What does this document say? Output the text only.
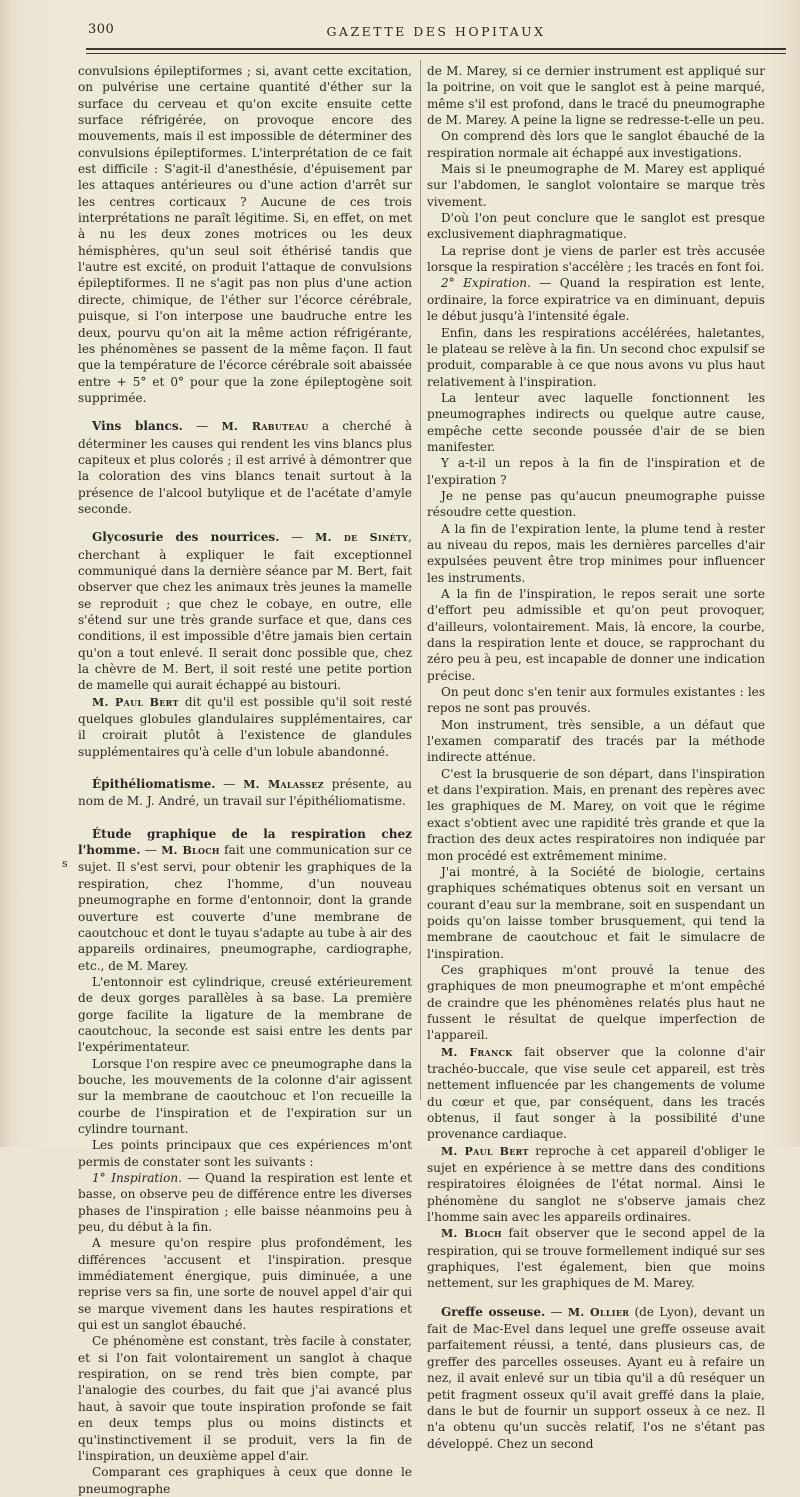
300	GAZETTE DES HOPITAUX
s

convulsions épileptiformes ; si, avant cette excitation, on pulvérise une certaine quantité d'éther sur la surface du cerveau et qu'on excite ensuite cette surface réfrigérée, on provoque encore des mouvements, mais il est impossible de déterminer des convulsions épileptiformes. L'interprétation de ce fait est difficile : S'agit-il d'anesthésie, d'épuisement par les attaques antérieures ou d'une action d'arrêt sur les centres corticaux ? Aucune de ces trois interprétations ne paraît légitime. Si, en effet, on met à nu les deux zones motrices ou les deux hémisphères, qu'un seul soit éthérisé tandis que l'autre est excité, on produit l'attaque de convulsions épileptiformes. Il ne s'agit pas non plus d'une action directe, chimique, de l'éther sur l'écorce cérébrale, puisque, si l'on interpose une baudruche entre les deux, pourvu qu'on ait la même action réfrigérante, les phénomènes se passent de la même façon. Il faut que la température de l'écorce cérébrale soit abaissée entre + 5° et 0° pour que la zone épileptogène soit supprimée.

Vins blancs. — M. Rabuteau a cherché à déterminer les causes qui rendent les vins blancs plus capiteux et plus colorés ; il est arrivé à démontrer que la coloration des vins blancs tenait surtout à la présence de l'alcool butylique et de l'acétate d'amyle seconde.

Glycosurie des nourrices. — M. de Sinéty, cherchant à expliquer le fait exceptionnel communiqué dans la dernière séance par M. Bert, fait observer que chez les animaux très jeunes la mamelle se reproduit ; que chez le cobaye, en outre, elle s'étend sur une très grande surface et que, dans ces conditions, il est impossible d'être jamais bien certain qu'on a tout enlevé. Il serait donc possible que, chez la chèvre de M. Bert, il soit resté une petite portion de mamelle qui aurait échappé au bistouri.

M. Paul Bert dit qu'il est possible qu'il soit resté quelques globules glandulaires supplémentaires, car il croirait plutôt à l'existence de glandules supplémentaires qu'à celle d'un lobule abandonné.

Épithéliomatisme. — M. Malassez présente, au nom de M. J. André, un travail sur l'épithéliomatisme.

Étude graphique de la respiration chez l'homme. — M. Bloch fait une communication sur ce sujet. Il s'est servi, pour obtenir les graphiques de la respiration, chez l'homme, d'un nouveau pneumographe en forme d'entonnoir, dont la grande ouverture est couverte d'une membrane de caoutchouc et dont le tuyau s'adapte au tube à air des appareils ordinaires, pneumographe, cardiographe, etc., de M. Marey.

L'entonnoir est cylindrique, creusé extérieurement de deux gorges parallèles à sa base. La première gorge facilite la ligature de la membrane de caoutchouc, la seconde est saisi entre les dents par l'expérimentateur.

Lorsque l'on respire avec ce pneumographe dans la bouche, les mouvements de la colonne d'air agissent sur la membrane de caoutchouc et l'on recueille la courbe de l'inspiration et de l'expiration sur un cylindre tournant.

Les points principaux que ces expériences m'ont permis de constater sont les suivants :

1° Inspiration. — Quand la respiration est lente et basse, on observe peu de différence entre les diverses phases de l'inspiration ; elle baisse néanmoins peu à peu, du début à la fin.

A mesure qu'on respire plus profondément, les différences 'accusent et l'inspiration. presque immédiatement énergique, puis diminuée, a une reprise vers sa fin, une sorte de nouvel appel d'air qui se marque vivement dans les hautes respirations et qui est un sanglot ébauché.

Ce phénomène est constant, très facile à constater, et si l'on fait volontairement un sanglot à chaque respiration, on se rend très bien compte, par l'analogie des courbes, du fait que j'ai avancé plus haut, à savoir que toute inspiration profonde se fait en deux temps plus ou moins distincts et qu'instinctivement il se produit, vers la fin de l'inspiration, un deuxième appel d'air.

Comparant ces graphiques à ceux que donne le pneumographe

de M. Marey, si ce dernier instrument est appliqué sur la poitrine, on voit que le sanglot est à peine marqué, même s'il est profond, dans le tracé du pneumographe de M. Marey. A peine la ligne se redresse-t-elle un peu.

On comprend dès lors que le sanglot ébauché de la respiration normale ait échappé aux investigations.

Mais si le pneumographe de M. Marey est appliqué sur l'abdomen, le sanglot volontaire se marque très vivement.

D'où l'on peut conclure que le sanglot est presque exclusivement diaphragmatique.

La reprise dont je viens de parler est très accusée lorsque la respiration s'accélère ; les tracés en font foi.

2° Expiration. — Quand la respiration est lente, ordinaire, la force expiratrice va en diminuant, depuis le début jusqu'à l'intensité égale.

Enfin, dans les respirations accélérées, haletantes, le plateau se relève à la fin. Un second choc expulsif se produit, comparable à ce que nous avons vu plus haut relativement à l'inspiration.

La lenteur avec laquelle fonctionnent les pneumographes indirects ou quelque autre cause, empêche cette seconde poussée d'air de se bien manifester.

Y a-t-il un repos à la fin de l'inspiration et de l'expiration ?

Je ne pense pas qu'aucun pneumographe puisse résoudre cette question.

A la fin de l'expiration lente, la plume tend à rester au niveau du repos, mais les dernières parcelles d'air expulsées peuvent être trop minimes pour influencer les instruments.

A la fin de l'inspiration, le repos serait une sorte d'effort peu admissible et qu'on peut provoquer, d'ailleurs, volontairement. Mais, là encore, la courbe, dans la respiration lente et douce, se rapprochant du zéro peu à peu, est incapable de donner une indication précise.

On peut donc s'en tenir aux formules existantes : les repos ne sont pas prouvés.

Mon instrument, très sensible, a un défaut que l'examen comparatif des tracés par la méthode indirecte atténue.

C'est la brusquerie de son départ, dans l'inspiration et dans l'expiration. Mais, en prenant des repères avec les graphiques de M. Marey, on voit que le régime exact s'obtient avec une rapidité très grande et que la fraction des deux actes respiratoires non indiquée par mon procédé est extrêmement minime.

J'ai montré, à la Société de biologie, certains graphiques schématiques obtenus soit en versant un courant d'eau sur la membrane, soit en suspendant un poids qu'on laisse tomber brusquement, qui tend la membrane de caoutchouc et fait le simulacre de l'inspiration.

Ces graphiques m'ont prouvé la tenue des graphiques de mon pneumographe et m'ont empêché de craindre que les phénomènes relatés plus haut ne fussent le résultat de quelque imperfection de l'appareil.

M. Franck fait observer que la colonne d'air trachéo-buccale, que vise seule cet appareil, est très nettement influencée par les changements de volume du cœur et que, par conséquent, dans les tracés obtenus, il faut songer à la possibilité d'une provenance cardiaque.

M. Paul Bert reproche à cet appareil d'obliger le sujet en expérience à se mettre dans des conditions respiratoires éloignées de l'état normal. Ainsi le phénomène du sanglot ne s'observe jamais chez l'homme sain avec les appareils ordinaires.

M. Bloch fait observer que le second appel de la respiration, qui se trouve formellement indiqué sur ses graphiques, l'est également, bien que moins nettement, sur les graphiques de M. Marey.

Greffe osseuse. — M. Ollier (de Lyon), devant un fait de Mac-Evel dans lequel une greffe osseuse avait parfaitement réussi, a tenté, dans plusieurs cas, de greffer des parcelles osseuses. Ayant eu à refaire un nez, il avait enlevé sur un tibia qu'il a dû reséquer un petit fragment osseux qu'il avait greffé dans la plaie, dans le but de fournir un support osseux à ce nez. Il n'a obtenu qu'un succès relatif, l'os ne s'étant pas développé. Chez un second
